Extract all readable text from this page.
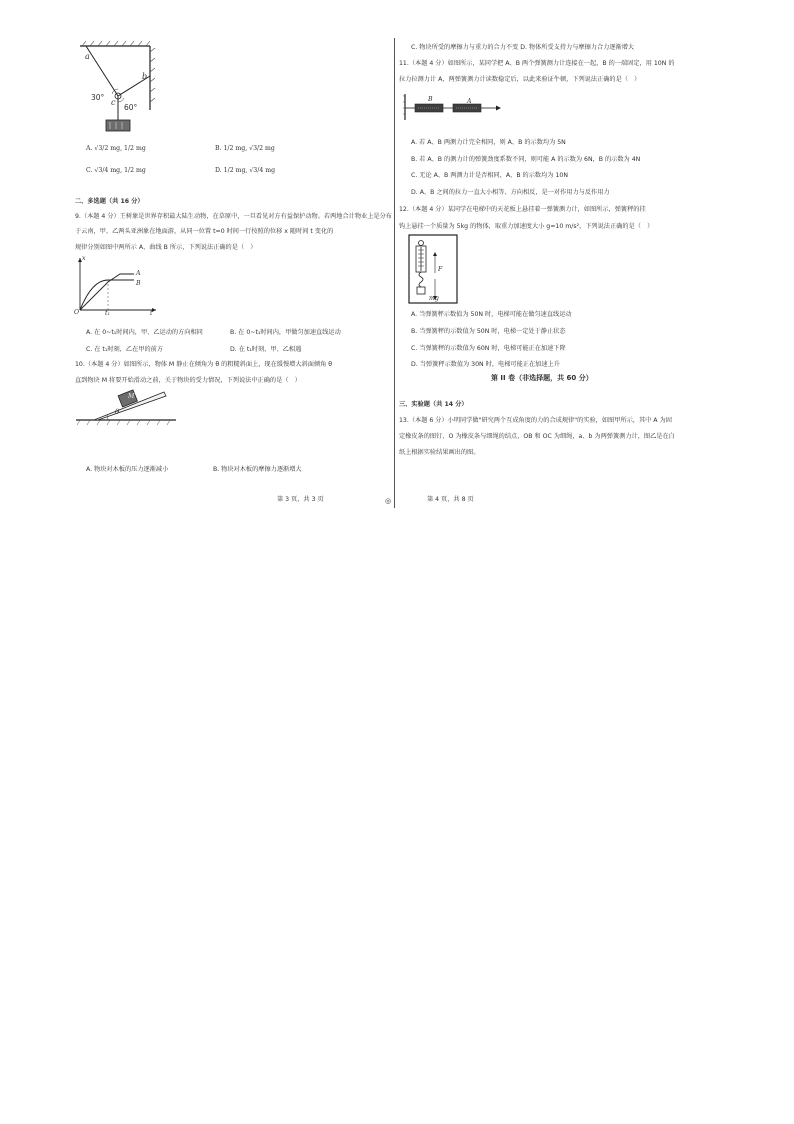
◎
a
b
c
30°
60°
A. √3/2 mg, 1/2 mg	B. 1/2 mg, √3/2 mg
C. √3/4 mg, 1/2 mg	D. 1/2 mg, √3/4 mg
二、多选题（共 16 分）
9.（本题 4 分）王树象是世界存积最大陆生动物，在草原中，一旦看见对方有益保护动物。若两地合计物业上是分布
于云南，甲、乙两头亚洲象在地面游，从同一位置 t=0 时间一行按照的位移 x 随时间 t 变化的
规律分别如图中两所示 A、曲线 B 所示，下列说法正确的是（　）
x
A
B
O	t₁	t
A. 在 0~t₁时间内，甲、乙运动的方向相同	B. 在 0~t₁时间内，甲做匀加速直线运动
C. 在 t₁时刻，乙在甲的前方	D. 在 t₁时刻，甲、乙相遇
10.（本题 4 分）如图所示，物体 M 静止在倾角为 θ 的粗糙斜面上，现在缓慢增大斜面倾角 θ
直到物块 M 将要开始滑动之前，关于物块的受力情况，下列说法中正确的是（　）
M
θ
A. 物块对木板的压力逐渐减小	B. 物块对木板的摩擦力逐渐增大
第 3 页，共 3 页
C. 物块所受的摩擦力与重力的合力不变 D. 物体所受支持力与摩擦力合力逐渐增大
11.（本题 4 分）如图所示，某同学把 A、B 两个弹簧测力计连接在一起，B 的一端固定，用 10N 的
拉力拉测力计 A，两弹簧测力计读数稳定后，以此来验证牛顿，下列说法正确的是（　）
B	A
A. 若 A、B 两测力计完全相同，则 A、B 的示数均为 5N
B. 若 A、B 的测力计的弹簧劲度系数不同，则可能 A 的示数为 6N，B 的示数为 4N
C. 无论 A、B 两测力计是否相同，A、B 的示数均为 10N
D. A、B 之间的拉力一直大小相等、方向相反，是一对作用力与反作用力
12.（本题 4 分）某同学在电梯中的天花板上悬挂着一弹簧测力计，如图所示，弹簧秤的挂
钩上悬挂一个质量为 5kg 的物体，取重力加速度大小 g=10 m/s²，下列说法正确的是（　）
F
mg
A. 当弹簧秤示数值为 50N 时，电梯可能在做匀速直线运动
B. 当弹簧秤的示数值为 50N 时，电梯一定处于静止状态
C. 当弹簧秤的示数值为 60N 时，电梯可能正在加速下降
D. 当弹簧秤示数值为 30N 时，电梯可能正在加速上升
第 II 卷（非选择题，共 60 分）
三、实验题（共 14 分）
13.（本题 6 分）小明同学做"研究两个互成角度的力的合成规律"的实验，如图甲所示，其中 A 为固
定橡皮条的图钉，O 为橡皮条与细绳的结点，OB 和 OC 为细绳，a、b 为两弹簧测力计，图乙是在白
纸上根据实验结果画出的图。
第 4 页，共 8 页
